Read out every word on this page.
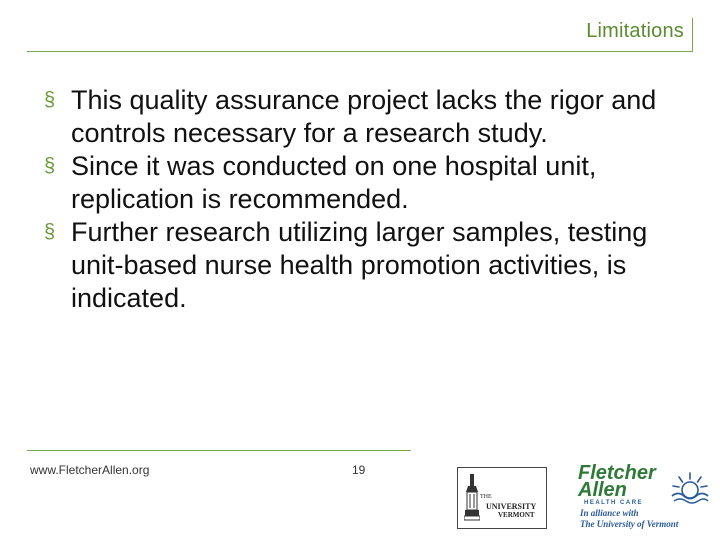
Limitations
§ This quality assurance project lacks the rigor and controls necessary for a research study.
§ Since it was conducted on one hospital unit, replication is recommended.
§ Further research utilizing larger samples, testing unit-based nurse health promotion activities, is indicated.
www.FletcherAllen.org	19
THE
UNIVERSITY
VERMONT
Fletcher
Allen
HEALTH CARE
In alliance with
The University of Vermont
